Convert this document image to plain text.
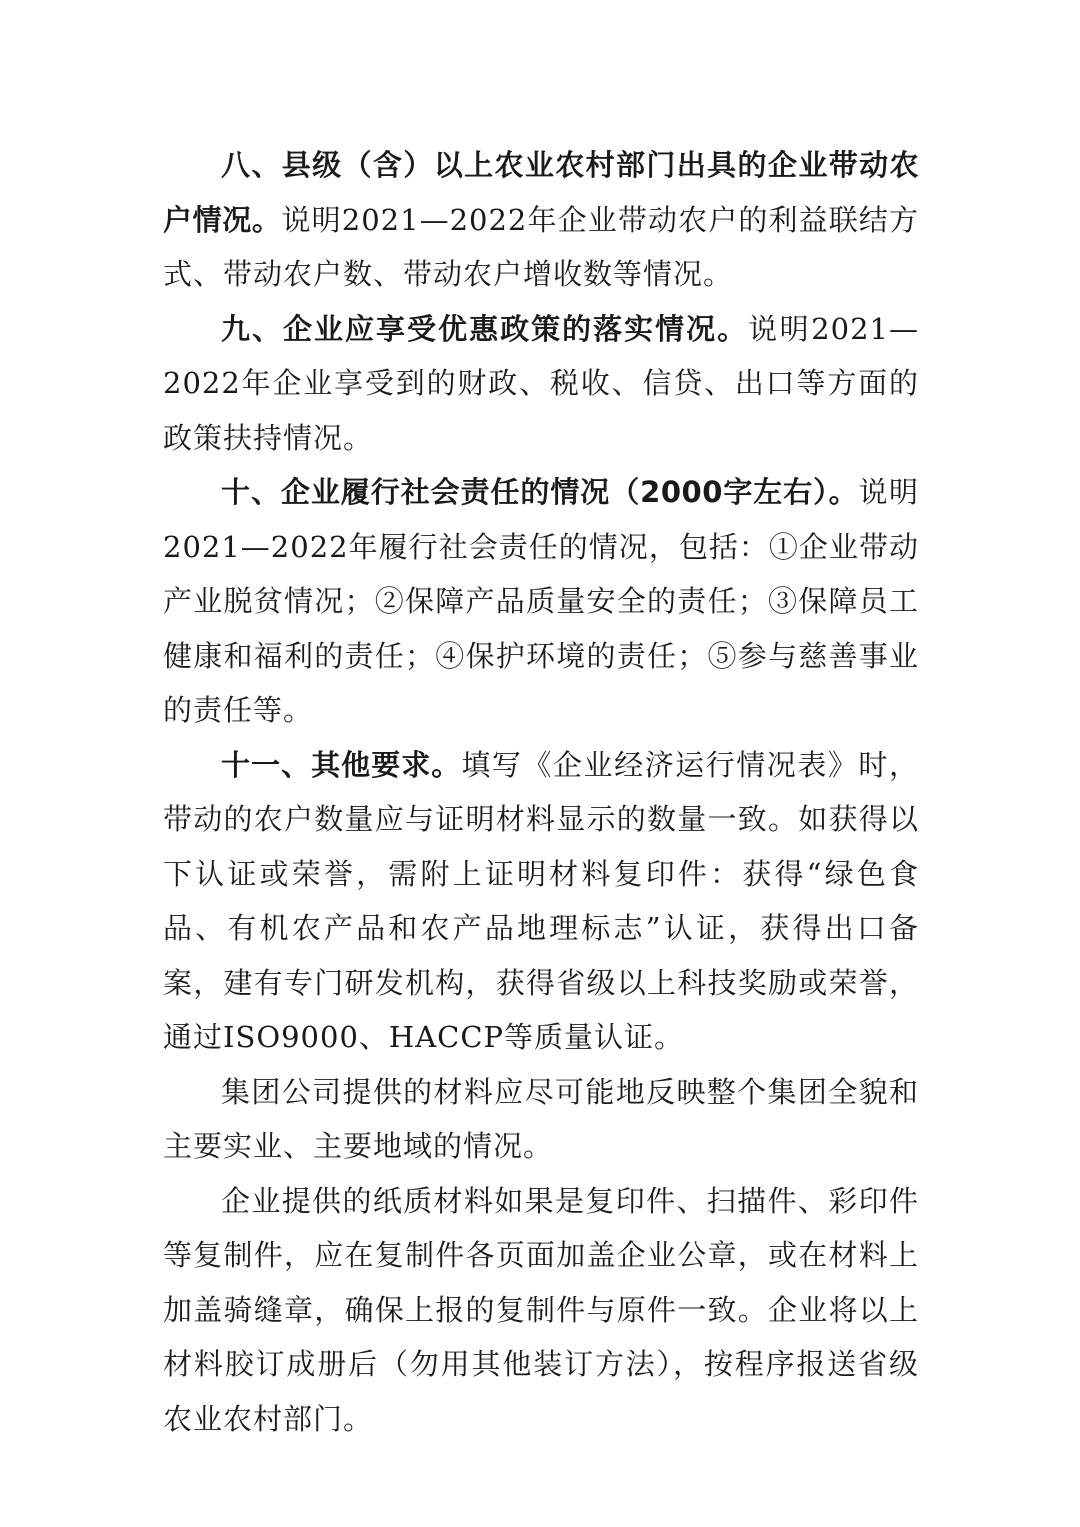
八、县级（含）以上农业农村部门出具的企业带动农户情况。说明2021—2022年企业带动农户的利益联结方式、带动农户数、带动农户增收数等情况。

九、企业应享受优惠政策的落实情况。说明2021—2022年企业享受到的财政、税收、信贷、出口等方面的政策扶持情况。

十、企业履行社会责任的情况（2000字左右）。说明2021—2022年履行社会责任的情况，包括：①企业带动产业脱贫情况；②保障产品质量安全的责任；③保障员工健康和福利的责任；④保护环境的责任；⑤参与慈善事业的责任等。

十一、其他要求。填写《企业经济运行情况表》时，带动的农户数量应与证明材料显示的数量一致。如获得以下认证或荣誉，需附上证明材料复印件：获得“绿色食品、有机农产品和农产品地理标志”认证，获得出口备案，建有专门研发机构，获得省级以上科技奖励或荣誉，通过ISO9000、HACCP等质量认证。

集团公司提供的材料应尽可能地反映整个集团全貌和主要实业、主要地域的情况。

企业提供的纸质材料如果是复印件、扫描件、彩印件等复制件，应在复制件各页面加盖企业公章，或在材料上加盖骑缝章，确保上报的复制件与原件一致。企业将以上材料胶订成册后（勿用其他装订方法），按程序报送省级农业农村部门。
